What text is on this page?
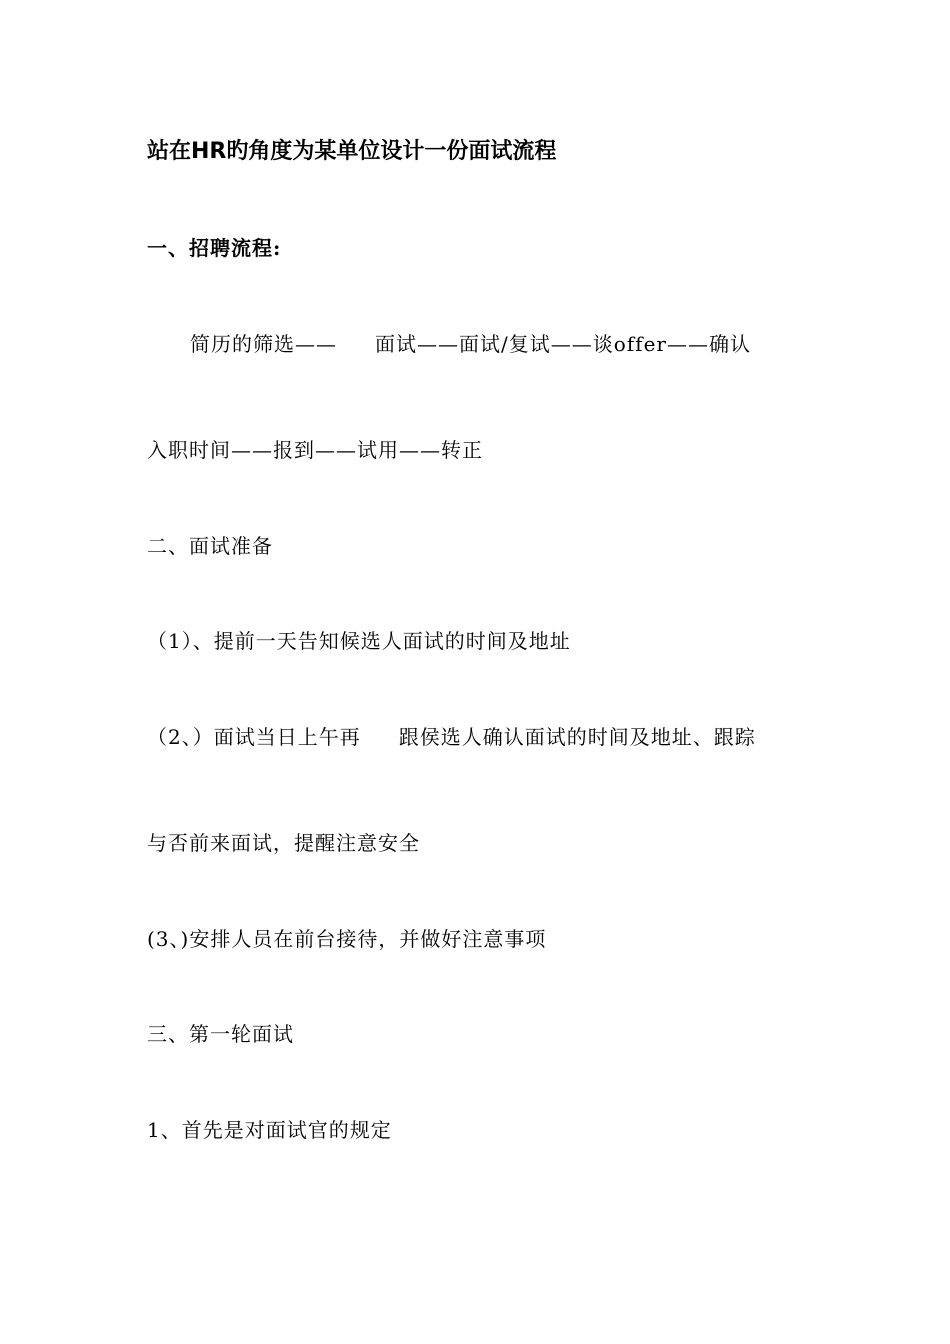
站在HR旳角度为某单位设计一份面试流程
一、招聘流程:
简历的筛选—— 面试——面试/复试——谈offer——确认
入职时间——报到——试用——转正
二、面试准备
（1）、提前一天告知候选人面试的时间及地址
（2、）面试当日上午再 跟侯选人确认面试的时间及地址、跟踪
与否前来面试，提醒注意安全
(3、)安排人员在前台接待，并做好注意事项
三、第一轮面试
1、首先是对面试官的规定
